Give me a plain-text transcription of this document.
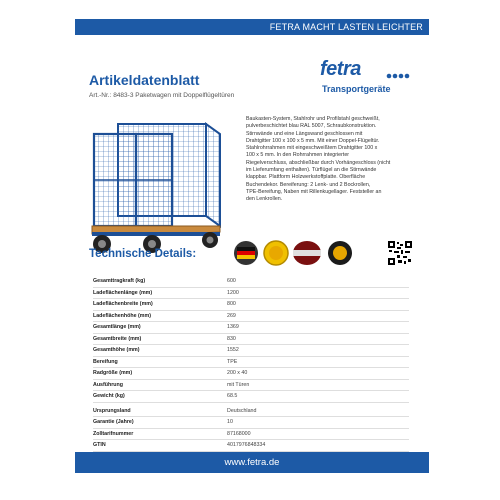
FETRA MACHT LASTEN LEICHTER
Artikeldatenblatt
Art.-Nr.: 8483-3 Paketwagen mit Doppelflügeltüren
fetra
Transportgeräte
Baukasten-System, Stahlrohr und Profilstahl geschweißt,
pulverbeschichtet blau RAL 5007, Schraubkonstruktion.
Stirnwände und eine Längswand geschlossen mit
Drahtgitter 100 x 100 x 5 mm. Mit einer Doppel-Flügeltür.
Stahlrohrrahmen mit eingeschweißtem Drahtgitter 100 x
100 x 5 mm. In den Rohrrahmen integrierter
Riegelverschluss, abschließbar durch Vorhängeschloss (nicht
im Lieferumfang enthalten). Türflügel an die Stirnwände
klappbar. Plattform Holzwerkstoffplatte. Oberfläche
Buchendekor. Bereiferung: 2 Lenk- und 2 Bockrollen,
TPE-Bereifung, Naben mit Rillenkugellager. Feststeller an
den Lenkrollen.
Technische Details:
Gesamttragkraft (kg)	600
Ladeflächenlänge (mm)	1200
Ladeflächenbreite (mm)	800
Ladeflächenhöhe (mm)	269
Gesamtlänge (mm)	1369
Gesamtbreite (mm)	830
Gesamthöhe (mm)	1552
Bereifung	TPE
Radgröße (mm)	200 x 40
Ausführung	mit Türen
Gewicht (kg)	68.5
Ursprungsland	Deutschland
Garantie (Jahre)	10
Zolltarifnummer	87168000
GTIN	4017976848334
www.fetra.de
